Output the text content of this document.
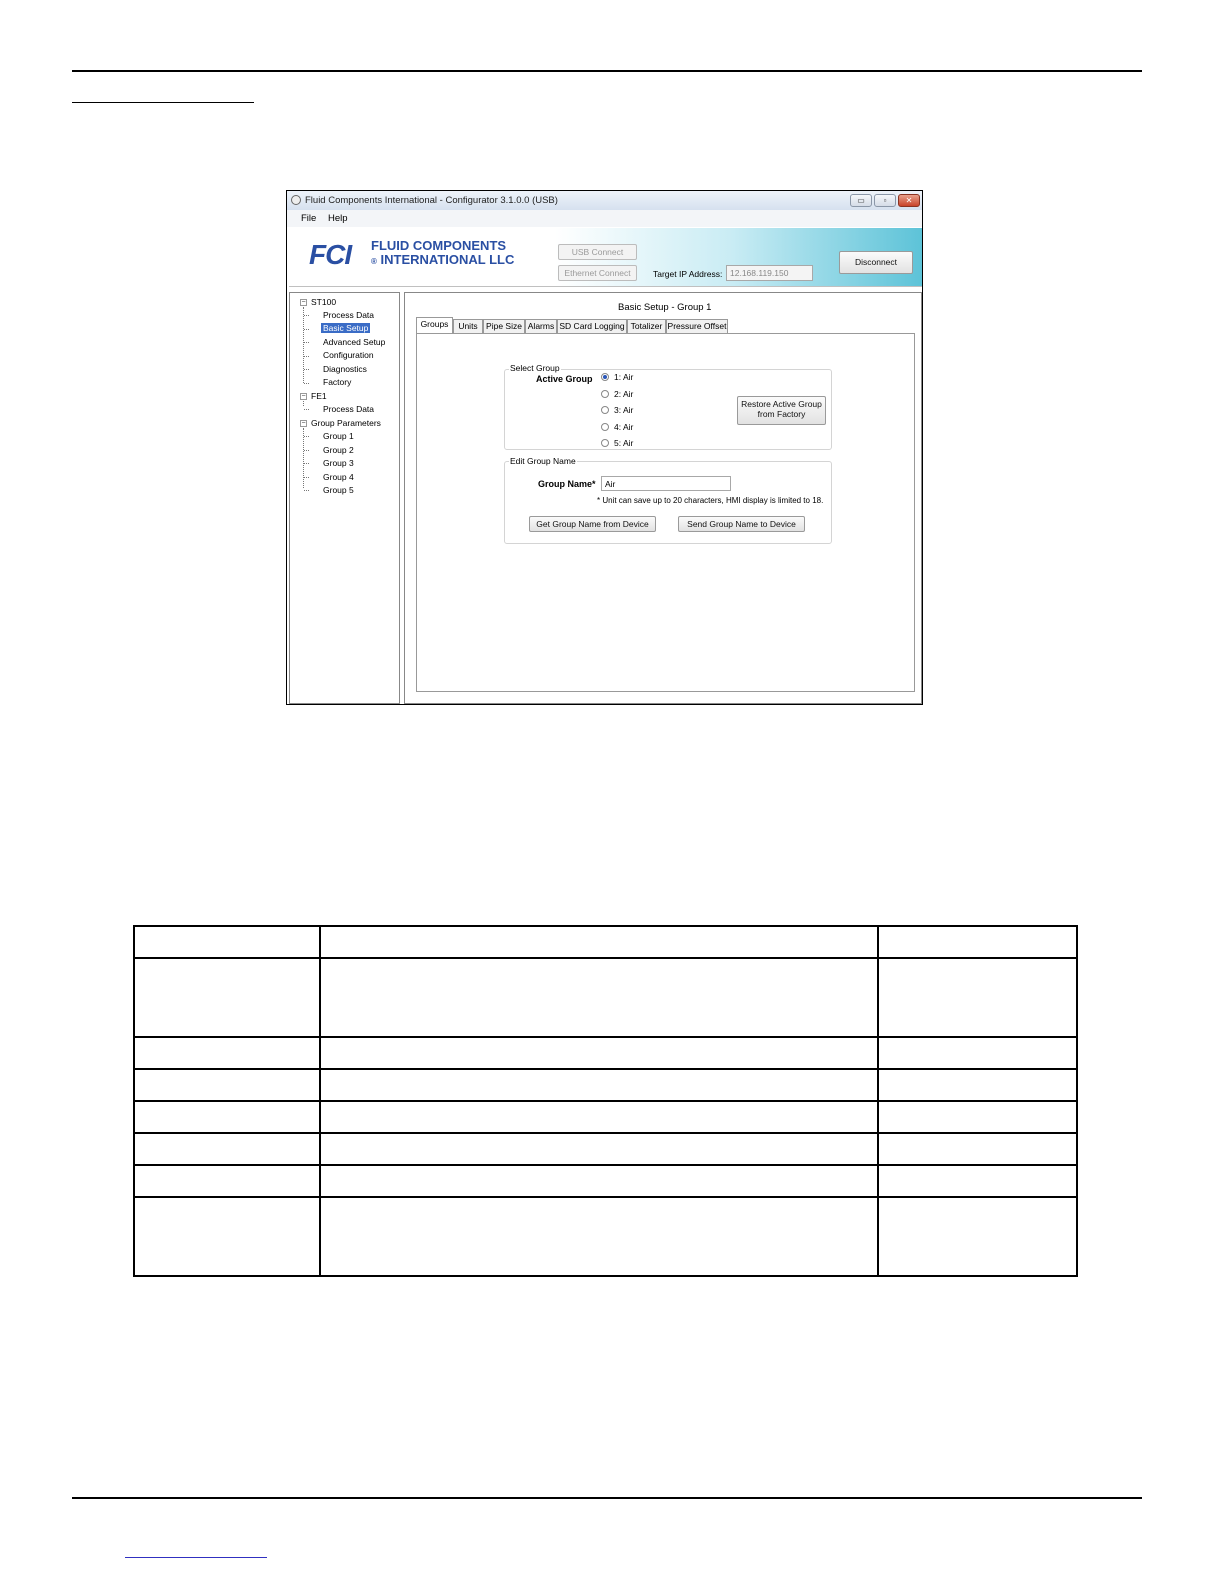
Fluid Components International - Configurator 3.1.0.0 (USB)	▭	▫	✕
File Help
FCI FLUID COMPONENTS
® INTERNATIONAL LLC	USB Connect
Ethernet Connect	Target IP Address: 12.168.119.150
Disconnect
− ST100
Process Data
Basic Setup
Advanced Setup
Configuration
Diagnostics
Factory
− FE1
Process Data
− Group Parameters
Group 1
Group 2
Group 3
Group 4
Group 5
Basic Setup - Group 1
Groups	Units Pipe Size Alarms SD Card Logging Totalizer Pressure Offset
Select Group
Active Group	1: Air
2: Air
3: Air
4: Air
5: Air
Restore Active Group
from Factory
Edit Group Name
Group Name*	Air
* Unit can save up to 20 characters, HMI display is limited to 18.
Get Group Name from Device	Send Group Name to Device
